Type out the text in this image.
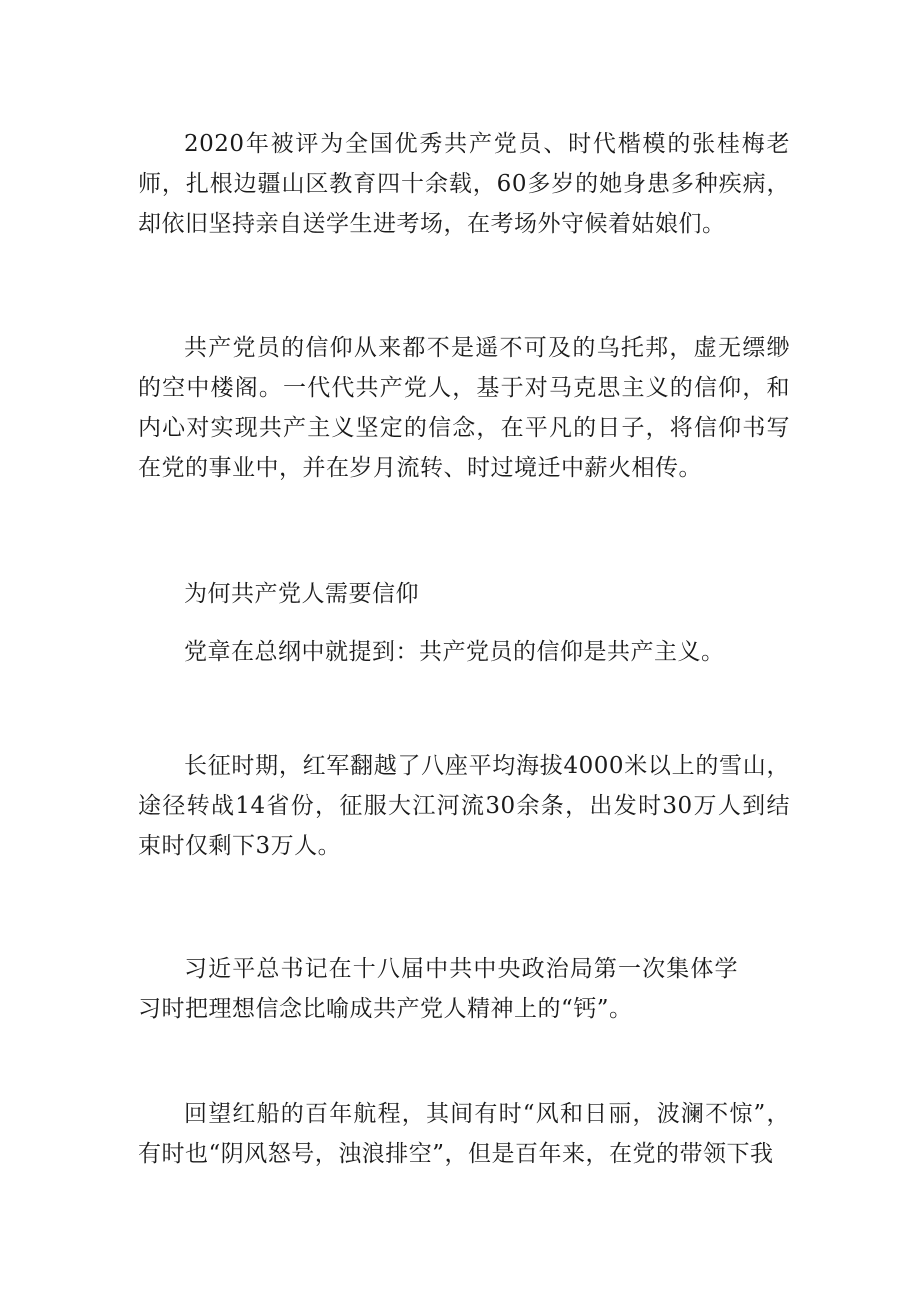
2020年被评为全国优秀共产党员、时代楷模的张桂梅老师，扎根边疆山区教育四十余载，60多岁的她身患多种疾病，却依旧坚持亲自送学生进考场，在考场外守候着姑娘们。

共产党员的信仰从来都不是遥不可及的乌托邦，虚无缥缈的空中楼阁。一代代共产党人，基于对马克思主义的信仰，和内心对实现共产主义坚定的信念，在平凡的日子，将信仰书写在党的事业中，并在岁月流转、时过境迁中薪火相传。

为何共产党人需要信仰

党章在总纲中就提到：共产党员的信仰是共产主义。

长征时期，红军翻越了八座平均海拔4000米以上的雪山，途径转战14省份，征服大江河流30余条，出发时30万人到结束时仅剩下3万人。

习近平总书记在十八届中共中央政治局第一次集体学习时把理想信念比喻成共产党人精神上的“钙”。

回望红船的百年航程，其间有时“风和日丽，波澜不惊”，有时也“阴风怒号，浊浪排空”，但是百年来，在党的带领下我
